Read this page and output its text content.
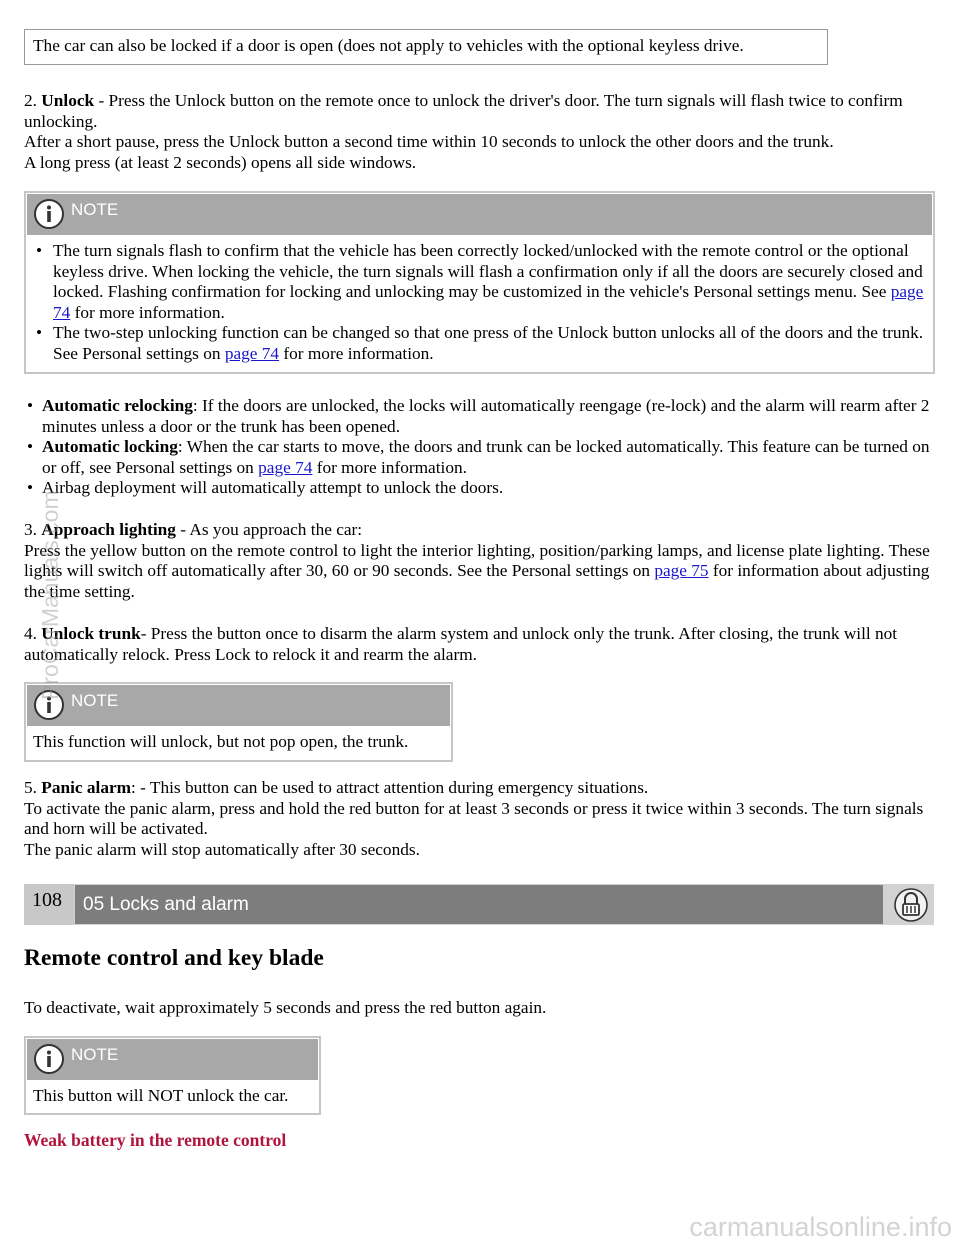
The car can also be locked if a door is open (does not apply to vehicles with the optional keyless drive.

2. Unlock - Press the Unlock button on the remote once to unlock the driver's door. The turn signals will flash twice to confirm unlocking.

After a short pause, press the Unlock button a second time within 10 seconds to unlock the other doors and the trunk.

A long press (at least 2 seconds) opens all side windows.

NOTE
• The turn signals flash to confirm that the vehicle has been correctly locked/unlocked with the remote control or the optional keyless drive. When locking the vehicle, the turn signals will flash a confirmation only if all the doors are securely closed and locked. Flashing confirmation for locking and unlocking may be customized in the vehicle's Personal settings menu. See page 74 for more information.
• The two-step unlocking function can be changed so that one press of the Unlock button unlocks all of the doors and the trunk. See Personal settings on page 74 for more information.
• Automatic relocking: If the doors are unlocked, the locks will automatically reengage (re-lock) and the alarm will rearm after 2 minutes unless a door or the trunk has been opened.
• Automatic locking: When the car starts to move, the doors and trunk can be locked automatically. This feature can be turned on or off, see Personal settings on page 74 for more information.
• Airbag deployment will automatically attempt to unlock the doors.

3. Approach lighting - As you approach the car:

Press the yellow button on the remote control to light the interior lighting, position/parking lamps, and license plate lighting. These lights will switch off automatically after 30, 60 or 90 seconds. See the Personal settings on page 75 for information about adjusting the time setting.

4. Unlock trunk- Press the button once to disarm the alarm system and unlock only the trunk. After closing, the trunk will not automatically relock. Press Lock to relock it and rearm the alarm.

NOTE
This function will unlock, but not pop open, the trunk.

5. Panic alarm: - This button can be used to attract attention during emergency situations.

To activate the panic alarm, press and hold the red button for at least 3 seconds or press it twice within 3 seconds. The turn signals and horn will be activated.

The panic alarm will stop automatically after 30 seconds.

108	05 Locks and alarm
Remote control and key blade
To deactivate, wait approximately 5 seconds and press the red button again.
NOTE
This button will NOT unlock the car.
Weak battery in the remote control
ProCarManuals.com
carmanualsonline.info
